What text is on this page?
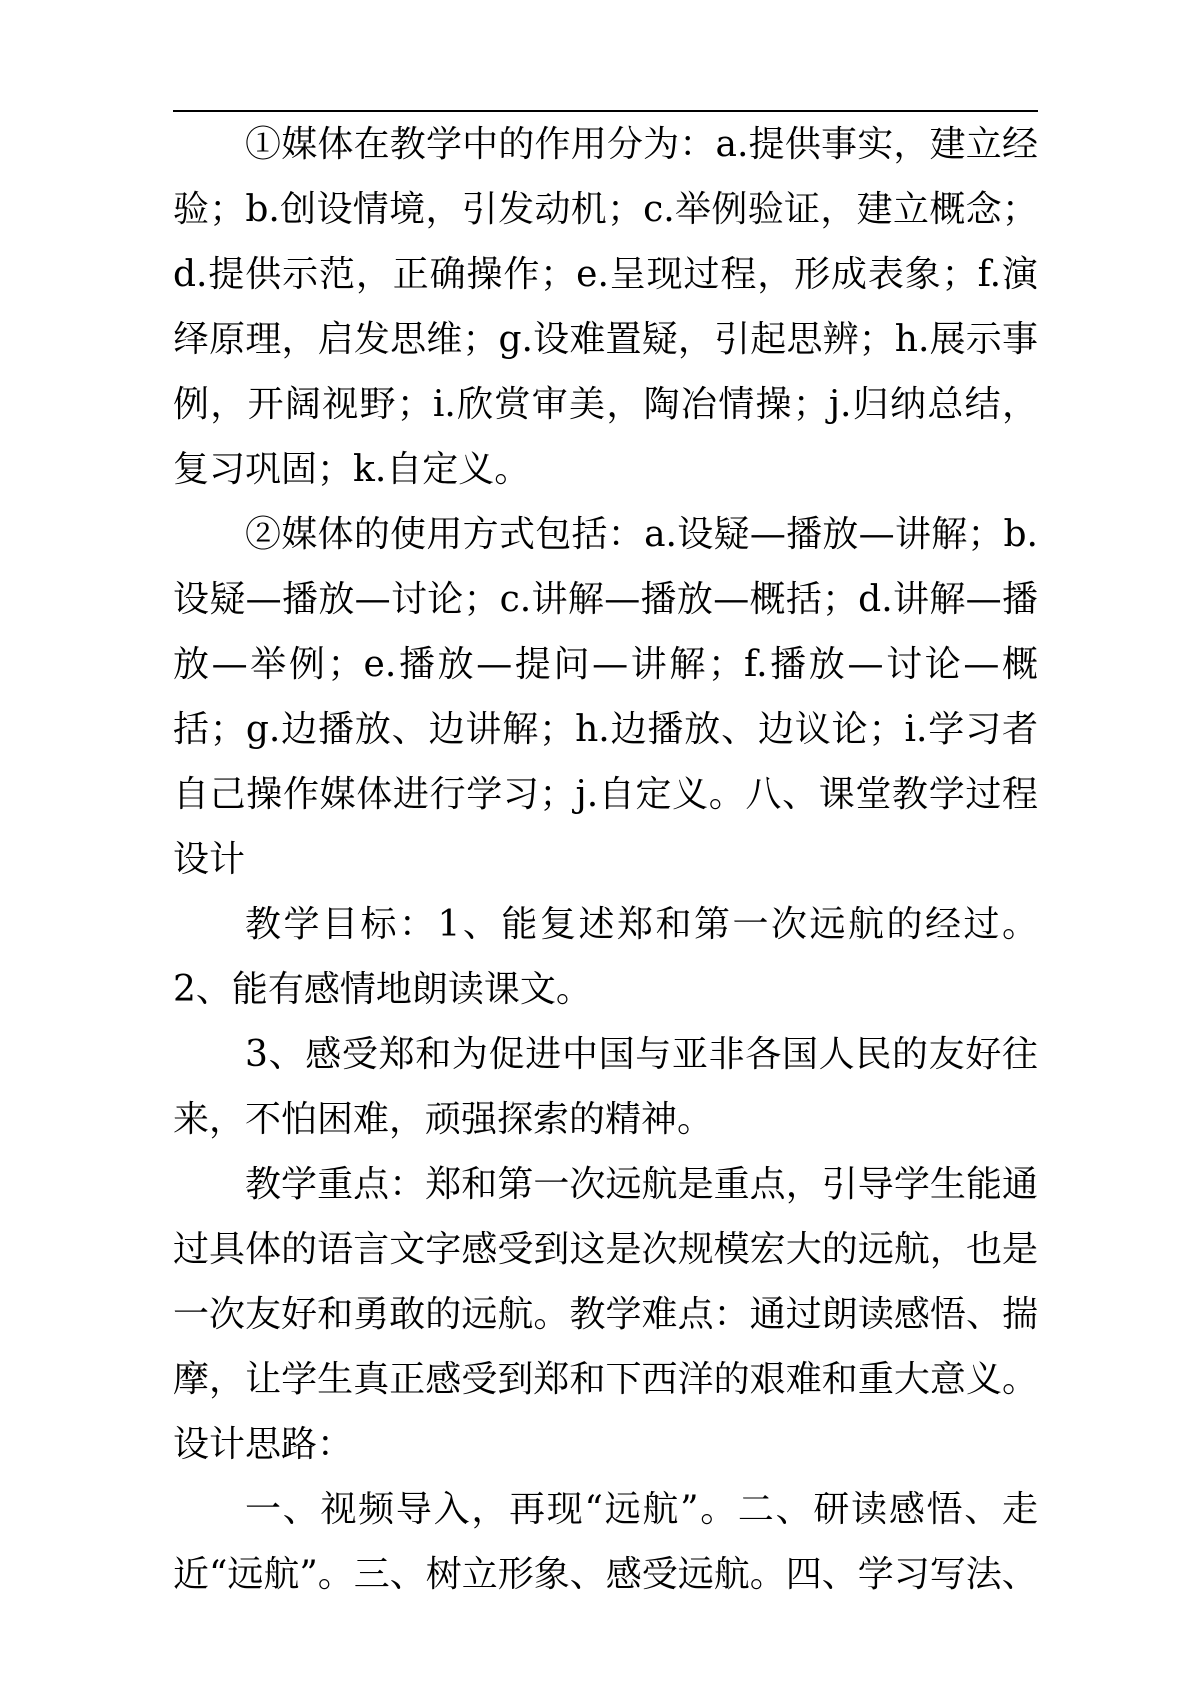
①媒体在教学中的作用分为：a.提供事实，建立经验；b.创设情境，引发动机；c.举例验证，建立概念；d.提供示范，正确操作；e.呈现过程，形成表象；f.演绎原理，启发思维；g.设难置疑，引起思辨；h.展示事例，开阔视野；i.欣赏审美，陶冶情操；j.归纳总结，复习巩固；k.自定义。

②媒体的使用方式包括：a.设疑—播放—讲解；b.设疑—播放—讨论；c.讲解—播放—概括；d.讲解—播放—举例；e.播放—提问—讲解；f.播放—讨论—概括；g.边播放、边讲解；h.边播放、边议论；i.学习者自己操作媒体进行学习；j.自定义。八、课堂教学过程设计

教学目标：1、能复述郑和第一次远航的经过。2、能有感情地朗读课文。

3、感受郑和为促进中国与亚非各国人民的友好往来，不怕困难，顽强探索的精神。

教学重点：郑和第一次远航是重点，引导学生能通过具体的语言文字感受到这是次规模宏大的远航，也是一次友好和勇敢的远航。教学难点：通过朗读感悟、揣摩，让学生真正感受到郑和下西洋的艰难和重大意义。设计思路：

一、视频导入，再现“远航”。二、研读感悟、走近“远航”。三、树立形象、感受远航。四、学习写法、
